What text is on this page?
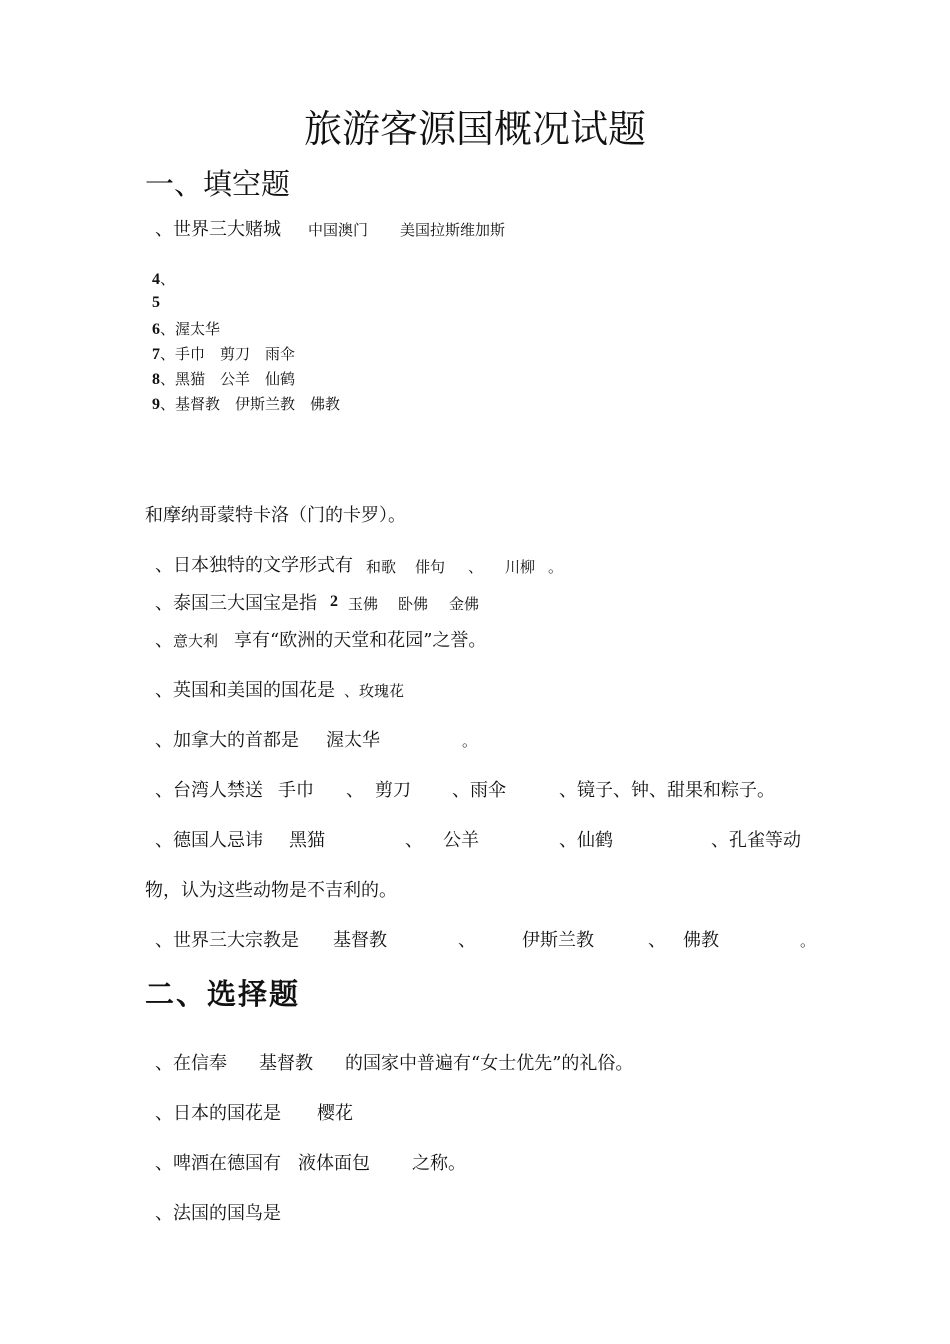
旅游客源国概况试题
一、填空题
、世界三大赌城 中国澳门 美国拉斯维加斯
4、
5
6、渥太华
7、手巾　剪刀　雨伞
8、黑猫　公羊　仙鹤
9、基督教　伊斯兰教　佛教
和摩纳哥蒙特卡洛（门的卡罗）。
、日本独特的文学形式有 和歌 俳句 、 川柳 。
、泰国三大国宝是指 2 玉佛 卧佛 金佛
、 意大利 享有“欧洲的天堂和花园”之誉。
、英国和美国的国花是 、玫瑰花
、加拿大的首都是 渥太华	。
、台湾人禁送 手巾 、 剪刀 、雨伞	、镜子、钟、甜果和粽子。
、德国人忌讳 黑猫	、 公羊	、仙鹤	、孔雀等动
物，认为这些动物是不吉利的。
、世界三大宗教是 基督教	、	伊斯兰教	、 佛教	。
二、选择题
、在信奉 基督教 的国家中普遍有“女士优先”的礼俗。
、日本的国花是 樱花
、啤酒在德国有 液体面包 之称。
、法国的国鸟是
